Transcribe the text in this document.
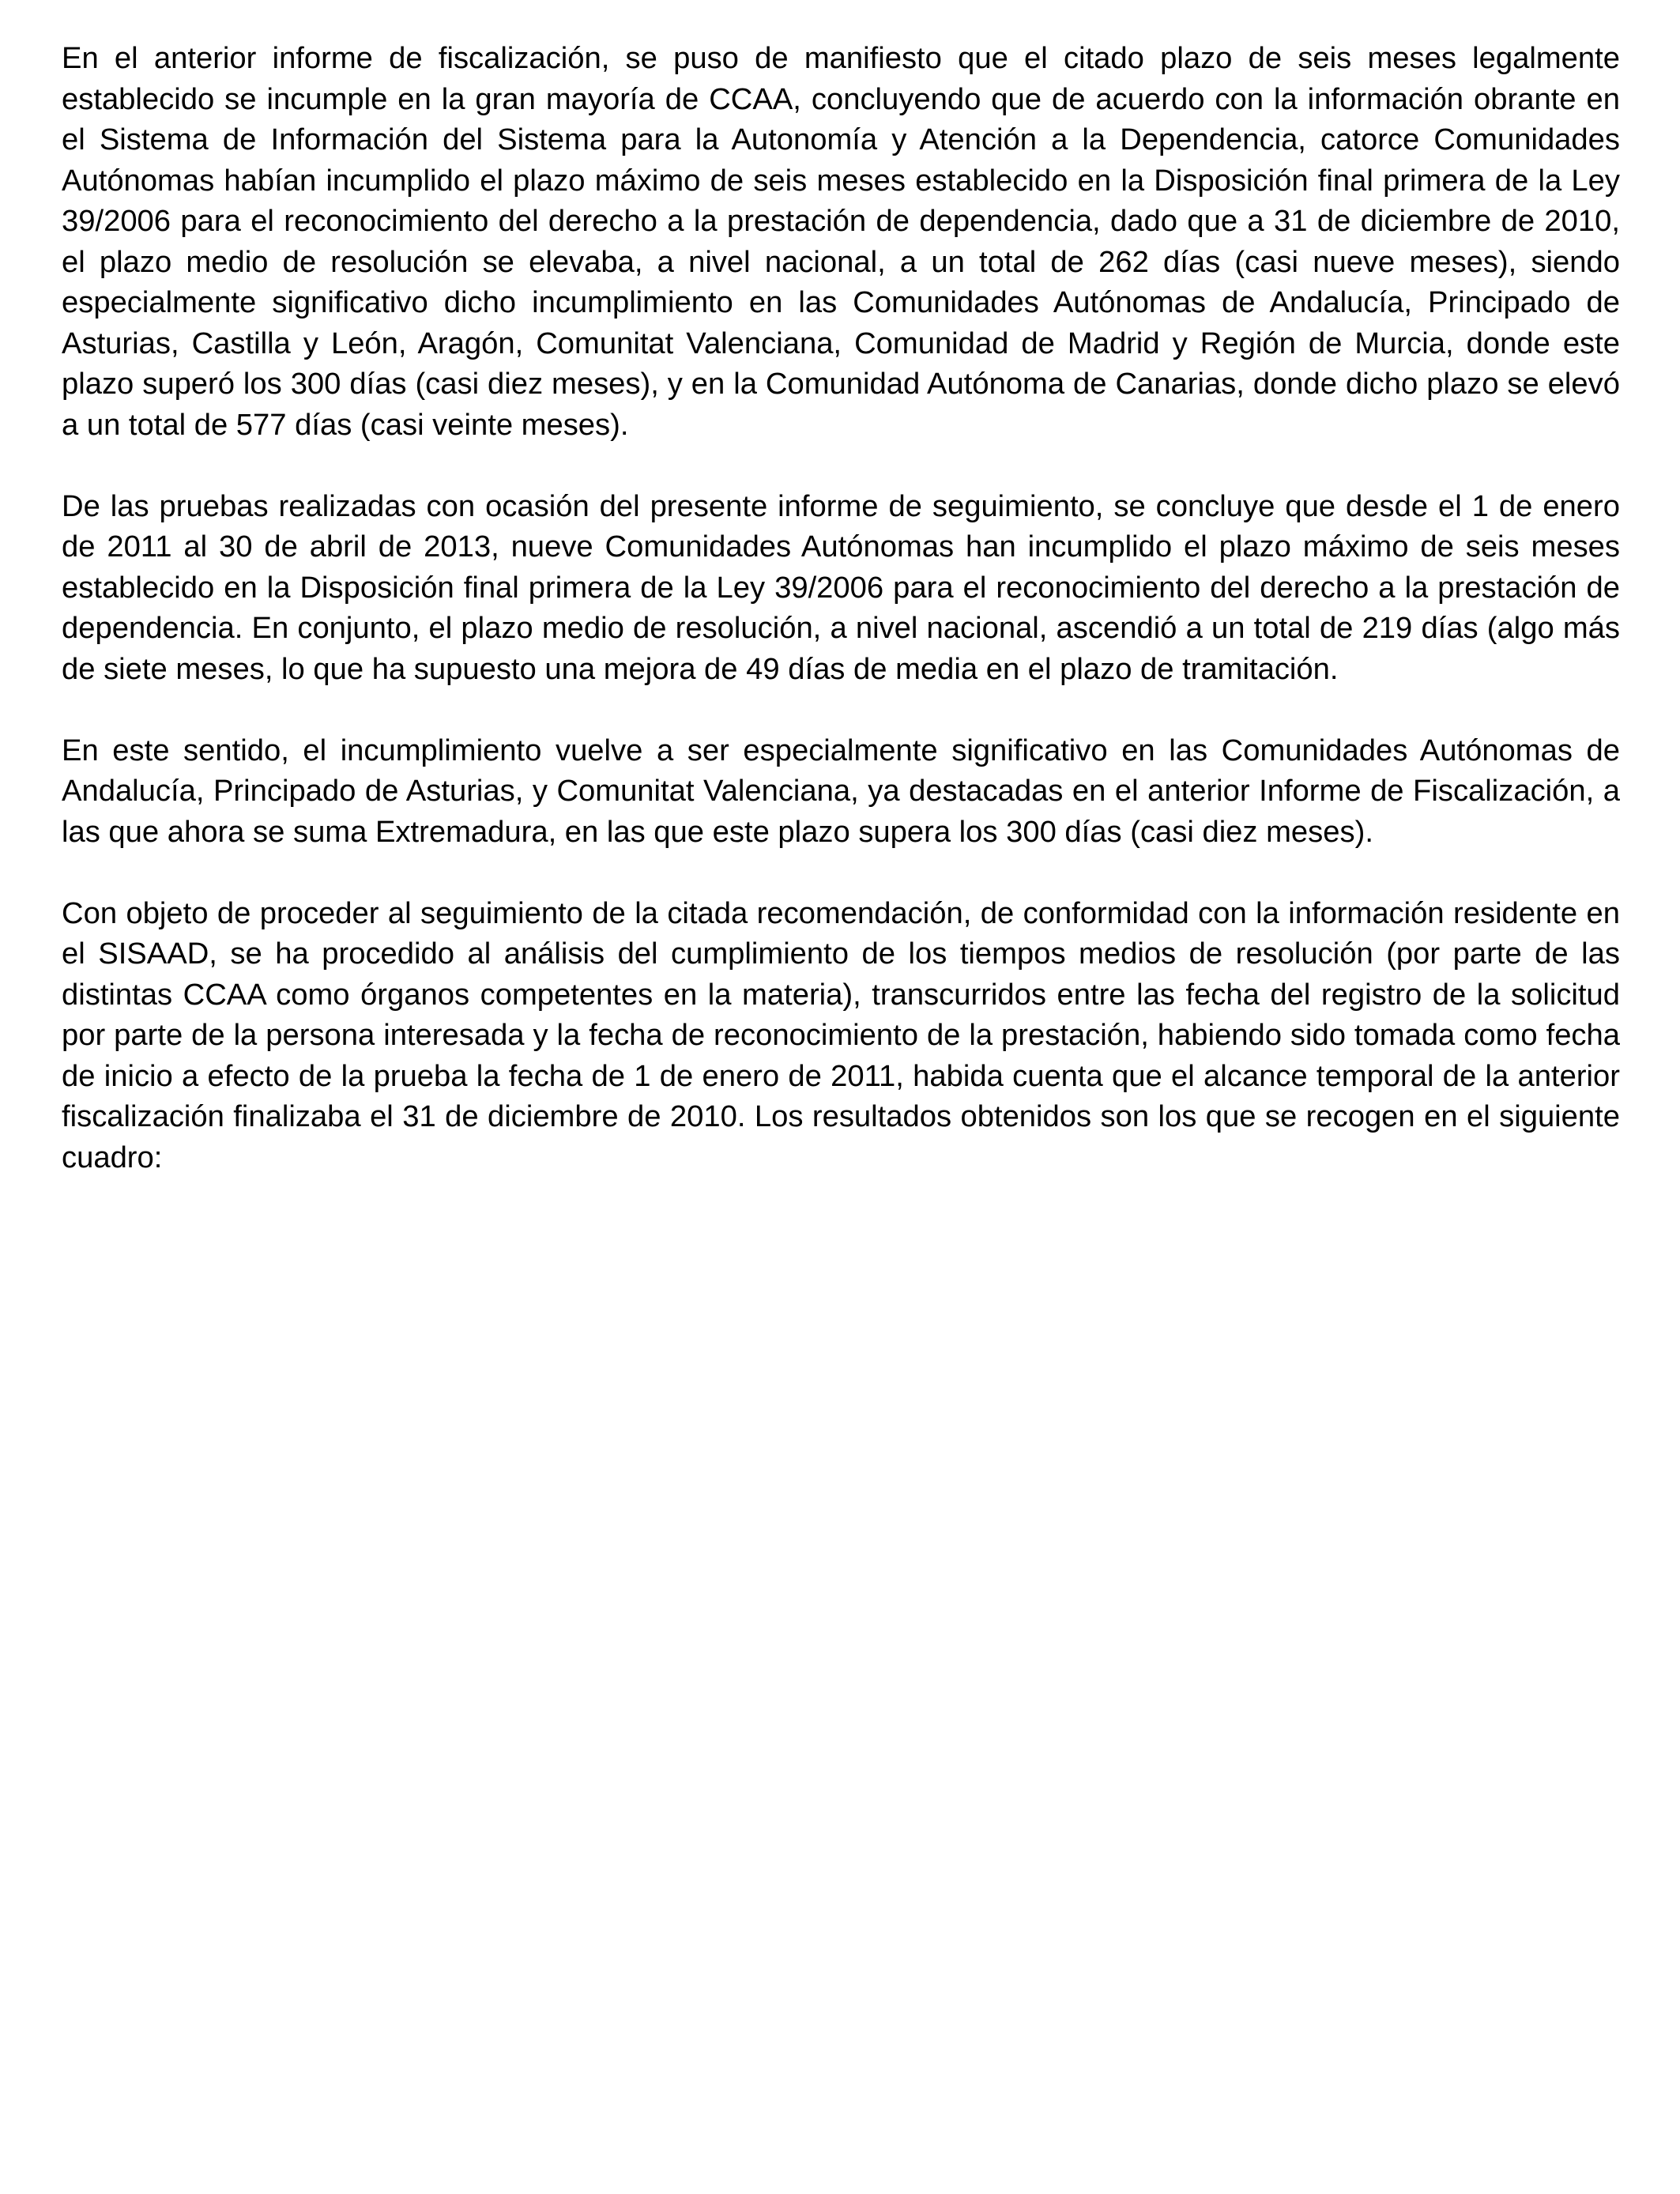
En el anterior informe de fiscalización, se puso de manifiesto que el citado plazo de seis meses legalmente establecido se incumple en la gran mayoría de CCAA, concluyendo que de acuerdo con la información obrante en el Sistema de Información del Sistema para la Autonomía y Atención a la Dependencia, catorce Comunidades Autónomas habían incumplido el plazo máximo de seis meses establecido en la Disposición final primera de la Ley 39/2006 para el reconocimiento del derecho a la prestación de dependencia, dado que a 31 de diciembre de 2010, el plazo medio de resolución se elevaba, a nivel nacional, a un total de 262 días (casi nueve meses), siendo especialmente significativo dicho incumplimiento en las Comunidades Autónomas de Andalucía, Principado de Asturias, Castilla y León, Aragón, Comunitat Valenciana, Comunidad de Madrid y Región de Murcia, donde este plazo superó los 300 días (casi diez meses), y en la Comunidad Autónoma de Canarias, donde dicho plazo se elevó a un total de 577 días (casi veinte meses).

De las pruebas realizadas con ocasión del presente informe de seguimiento, se concluye que desde el 1 de enero de 2011 al 30 de abril de 2013, nueve Comunidades Autónomas han incumplido el plazo máximo de seis meses establecido en la Disposición final primera de la Ley 39/2006 para el reconocimiento del derecho a la prestación de dependencia. En conjunto, el plazo medio de resolución, a nivel nacional, ascendió a un total de 219 días (algo más de siete meses, lo que ha supuesto una mejora de 49 días de media en el plazo de tramitación.

En este sentido, el incumplimiento vuelve a ser especialmente significativo en las Comunidades Autónomas de Andalucía, Principado de Asturias, y Comunitat Valenciana, ya destacadas en el anterior Informe de Fiscalización, a las que ahora se suma Extremadura, en las que este plazo supera los 300 días (casi diez meses).

Con objeto de proceder al seguimiento de la citada recomendación, de conformidad con la información residente en el SISAAD, se ha procedido al análisis del cumplimiento de los tiempos medios de resolución (por parte de las distintas CCAA como órganos competentes en la materia), transcurridos entre las fecha del registro de la solicitud por parte de la persona interesada y la fecha de reconocimiento de la prestación, habiendo sido tomada como fecha de inicio a efecto de la prueba la fecha de 1 de enero de 2011, habida cuenta que el alcance temporal de la anterior fiscalización finalizaba el 31 de diciembre de 2010. Los resultados obtenidos son los que se recogen en el siguiente cuadro:
